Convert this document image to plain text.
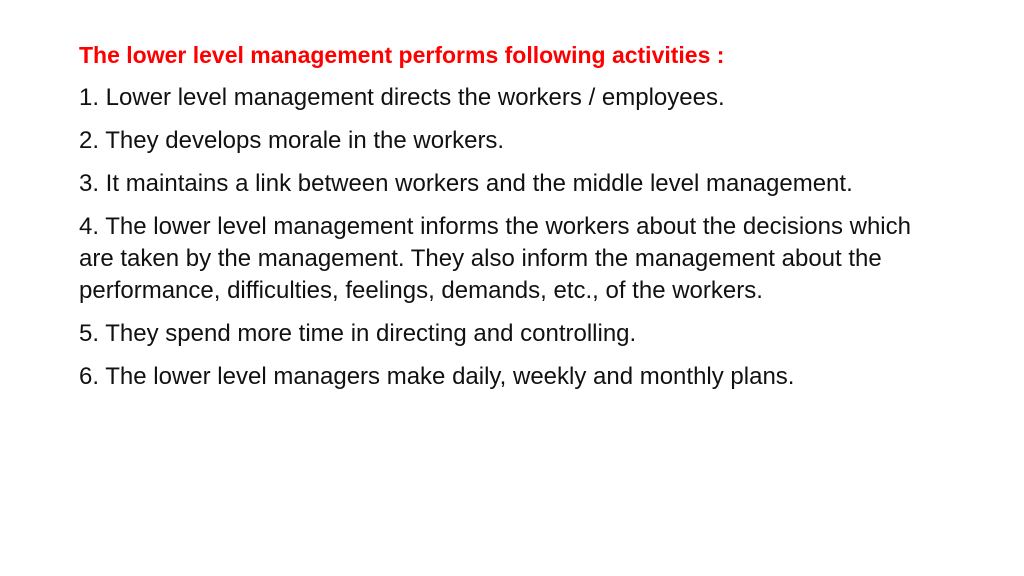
The lower level management performs following activities :
1. Lower level management directs the workers / employees.
2. They develops morale in the workers.
3. It maintains a link between workers and the middle level management.
4. The lower level management informs the workers about the decisions which are taken by the management. They also inform the management about the performance, difficulties, feelings, demands, etc., of the workers.
5. They spend more time in directing and controlling.
6. The lower level managers make daily, weekly and monthly plans.
